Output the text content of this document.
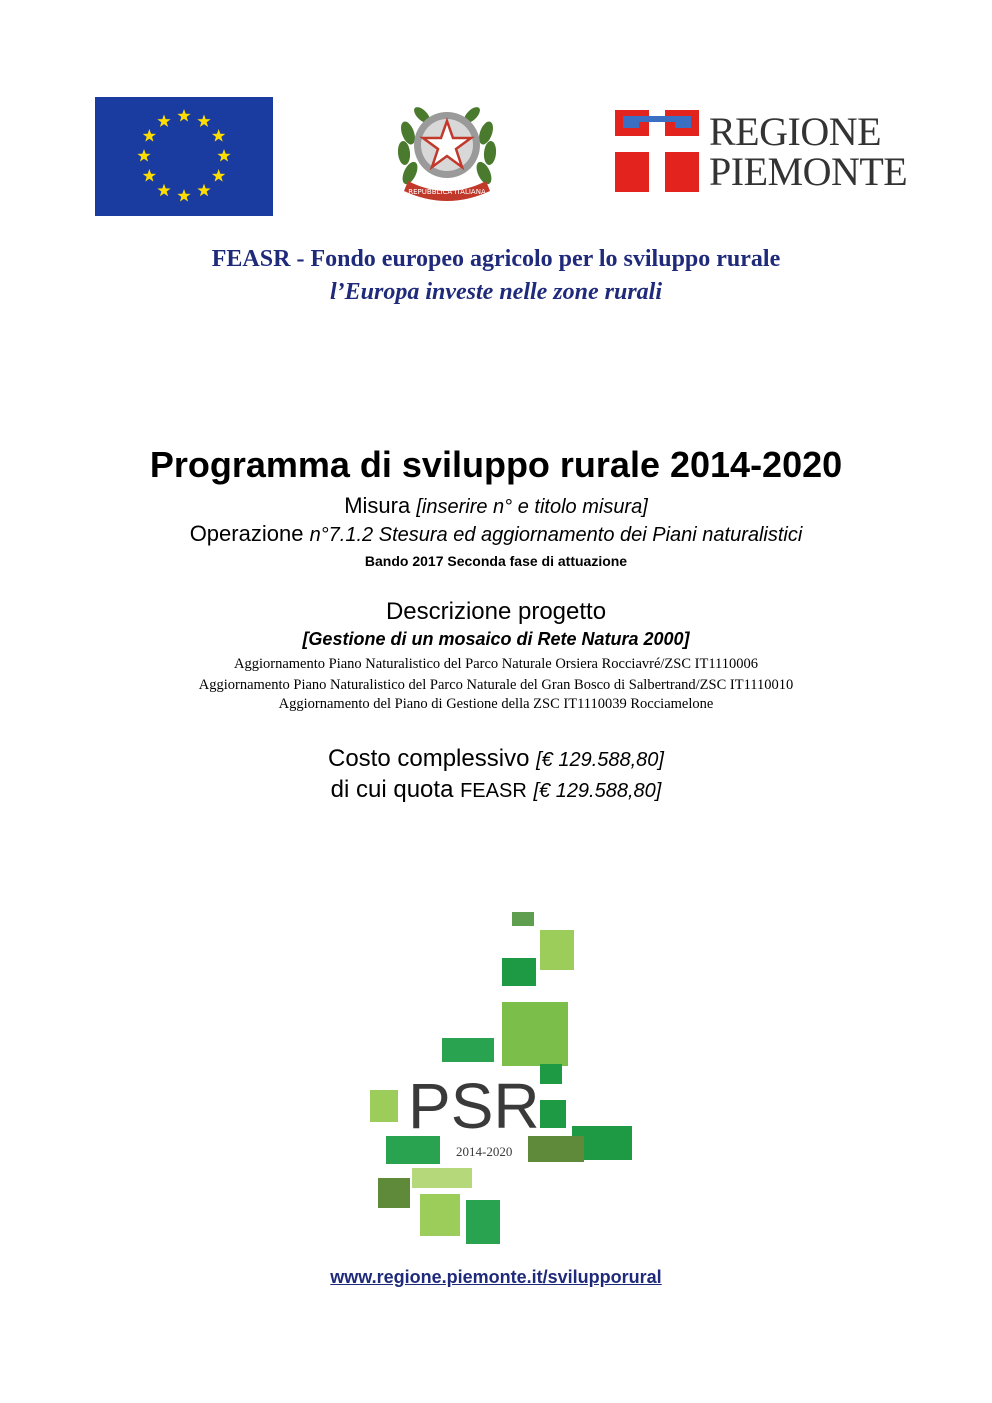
REPUBBLICA ITALIANA
REGIONE
PIEMONTE
FEASR - Fondo europeo agricolo per lo sviluppo rurale
l’Europa investe nelle zone rurali
Programma di sviluppo rurale 2014-2020
Misura [inserire n° e titolo misura]
Operazione n°7.1.2 Stesura ed aggiornamento dei Piani naturalistici
Bando 2017 Seconda fase di attuazione
Descrizione progetto
[Gestione di un mosaico di Rete Natura 2000]
Aggiornamento Piano Naturalistico del Parco Naturale Orsiera Rocciavré/ZSC IT1110006
Aggiornamento Piano Naturalistico del Parco Naturale del Gran Bosco di Salbertrand/ZSC IT1110010
Aggiornamento del Piano di Gestione della ZSC IT1110039 Rocciamelone
Costo complessivo [€ 129.588,80]
di cui quota FEASR [€ 129.588,80]
PSR
2014-2020
www.regione.piemonte.it/svilupporural
